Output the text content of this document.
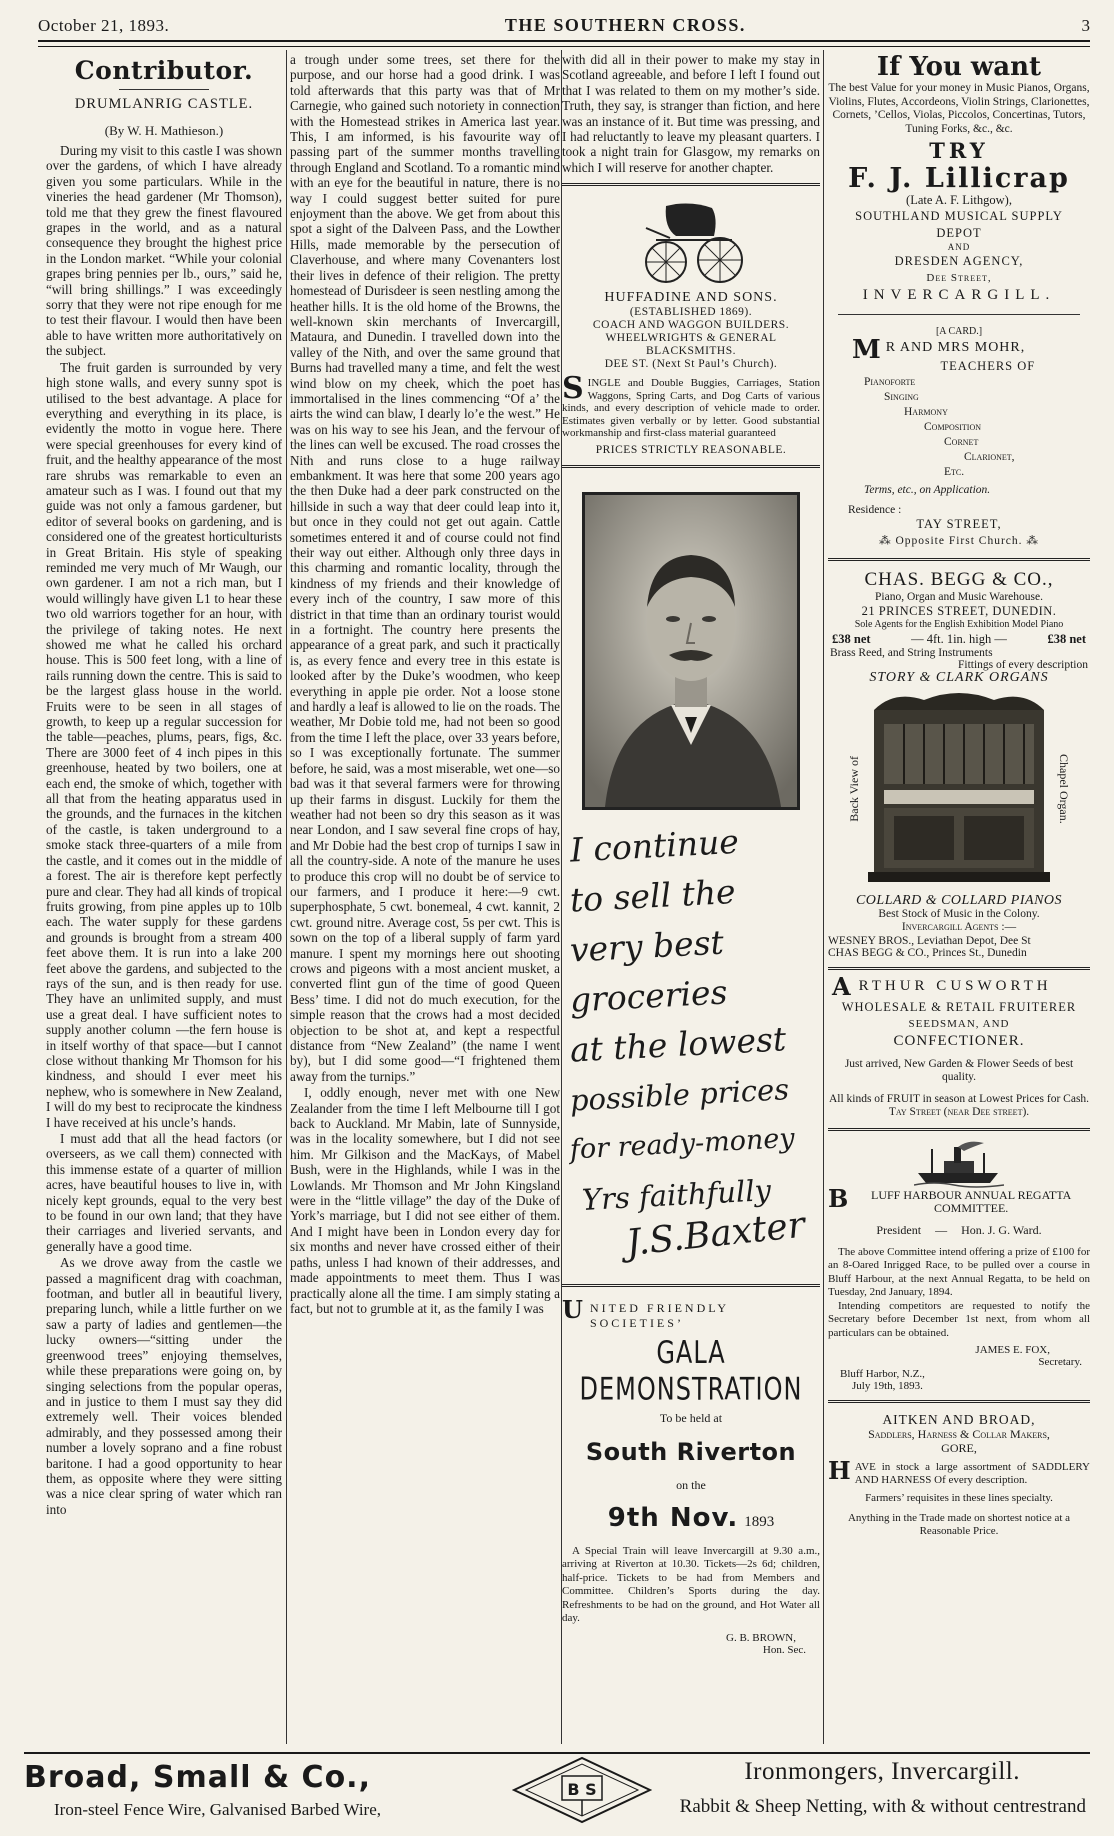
October 21, 1893.	THE SOUTHERN CROSS.	3
Contributor.
DRUMLANRIG CASTLE.
(By W. H. Mathieson.)

During my visit to this castle I was shown over the gardens, of which I have already given you some particulars. While in the vineries the head gardener (Mr Thomson), told me that they grew the finest flavoured grapes in the world, and as a natural consequence they brought the highest price in the London market. “While your colonial grapes bring pennies per lb., ours,” said he, “will bring shillings.” I was exceedingly sorry that they were not ripe enough for me to test their flavour. I would then have been able to have written more authoritatively on the subject.

The fruit garden is surrounded by very high stone walls, and every sunny spot is utilised to the best advantage. A place for everything and everything in its place, is evidently the motto in vogue here. There were special greenhouses for every kind of fruit, and the healthy appearance of the most rare shrubs was remarkable to even an amateur such as I was. I found out that my guide was not only a famous gardener, but editor of several books on gardening, and is considered one of the greatest horticulturists in Great Britain. His style of speaking reminded me very much of Mr Waugh, our own gardener. I am not a rich man, but I would willingly have given L1 to hear these two old warriors together for an hour, with the privilege of taking notes. He next showed me what he called his orchard house. This is 500 feet long, with a line of rails running down the centre. This is said to be the largest glass house in the world. Fruits were to be seen in all stages of growth, to keep up a regular succession for the table—peaches, plums, pears, figs, &c. There are 3000 feet of 4 inch pipes in this greenhouse, heated by two boilers, one at each end, the smoke of which, together with all that from the heating apparatus used in the grounds, and the furnaces in the kitchen of the castle, is taken underground to a smoke stack three-quarters of a mile from the castle, and it comes out in the middle of a forest. The air is therefore kept perfectly pure and clear. They had all kinds of tropical fruits growing, from pine apples up to 10lb each. The water supply for these gardens and grounds is brought from a stream 400 feet above them. It is run into a lake 200 feet above the gardens, and subjected to the rays of the sun, and is then ready for use. They have an unlimited supply, and must use a great deal. I have sufficient notes to supply another column —the fern house is in itself worthy of that space—but I cannot close without thanking Mr Thomson for his kindness, and should I ever meet his nephew, who is somewhere in New Zealand, I will do my best to reciprocate the kindness I have received at his uncle’s hands.

I must add that all the head factors (or overseers, as we call them) connected with this immense estate of a quarter of million acres, have beautiful houses to live in, with nicely kept grounds, equal to the very best to be found in our own land; that they have their carriages and liveried servants, and generally have a good time.

As we drove away from the castle we passed a magnificent drag with coachman, footman, and butler all in beautiful livery, preparing lunch, while a little further on we saw a party of ladies and gentlemen—the lucky owners—“sitting under the greenwood trees” enjoying themselves, while these preparations were going on, by singing selections from the popular operas, and in justice to them I must say they did extremely well. Their voices blended admirably, and they possessed among their number a lovely soprano and a fine robust baritone. I had a good opportunity to hear them, as opposite where they were sitting was a nice clear spring of water which ran into

a trough under some trees, set there for the purpose, and our horse had a good drink. I was told afterwards that this party was that of Mr Carnegie, who gained such notoriety in connection with the Homestead strikes in America last year. This, I am informed, is his favourite way of passing part of the summer months travelling through England and Scotland. To a romantic mind with an eye for the beautiful in nature, there is no way I could suggest better suited for pure enjoyment than the above. We get from about this spot a sight of the Dalveen Pass, and the Lowther Hills, made memorable by the persecution of Claverhouse, and where many Covenanters lost their lives in defence of their religion. The pretty homestead of Durisdeer is seen nestling among the heather hills. It is the old home of the Browns, the well-known skin merchants of Invercargill, Mataura, and Dunedin. I travelled down into the valley of the Nith, and over the same ground that Burns had travelled many a time, and felt the west wind blow on my cheek, which the poet has immortalised in the lines commencing “Of a’ the airts the wind can blaw, I dearly lo’e the west.” He was on his way to see his Jean, and the fervour of the lines can well be excused. The road crosses the Nith and runs close to a huge railway embankment. It was here that some 200 years ago the then Duke had a deer park constructed on the hillside in such a way that deer could leap into it, but once in they could not get out again. Cattle sometimes entered it and of course could not find their way out either. Although only three days in this charming and romantic locality, through the kindness of my friends and their knowledge of every inch of the country, I saw more of this district in that time than an ordinary tourist would in a fortnight. The country here presents the appearance of a great park, and such it practically is, as every fence and every tree in this estate is looked after by the Duke’s woodmen, who keep everything in apple pie order. Not a loose stone and hardly a leaf is allowed to lie on the roads. The weather, Mr Dobie told me, had not been so good from the time I left the place, over 33 years before, so I was exceptionally fortunate. The summer before, he said, was a most miserable, wet one—so bad was it that several farmers were for throwing up their farms in disgust. Luckily for them the weather had not been so dry this season as it was near London, and I saw several fine crops of hay, and Mr Dobie had the best crop of turnips I saw in all the country-side. A note of the manure he uses to produce this crop will no doubt be of service to our farmers, and I produce it here:—9 cwt. superphosphate, 5 cwt. bonemeal, 4 cwt. kannit, 2 cwt. ground nitre. Average cost, 5s per cwt. This is sown on the top of a liberal supply of farm yard manure. I spent my mornings here out shooting crows and pigeons with a most ancient musket, a converted flint gun of the time of good Queen Bess’ time. I did not do much execution, for the simple reason that the crows had a most decided objection to be shot at, and kept a respectful distance from “New Zealand” (the name I went by), but I did some good—“I frightened them away from the turnips.”

I, oddly enough, never met with one New Zealander from the time I left Melbourne till I got back to Auckland. Mr Mabin, late of Sunnyside, was in the locality somewhere, but I did not see him. Mr Gilkison and the MacKays, of Mabel Bush, were in the Highlands, while I was in the Lowlands. Mr Thomson and Mr John Kingsland were in the “little village” the day of the Duke of York’s marriage, but I did not see either of them. And I might have been in London every day for six months and never have crossed either of their paths, unless I had known of their addresses, and made appointments to meet them. Thus I was practically alone all the time. I am simply stating a fact, but not to grumble at it, as the family I was

with did all in their power to make my stay in Scotland agreeable, and before I left I found out that I was related to them on my mother’s side. Truth, they say, is stranger than fiction, and here was an instance of it. But time was pressing, and I had reluctantly to leave my pleasant quarters. I took a night train for Glasgow, my remarks on which I will reserve for another chapter.

HUFFADINE AND SONS.
(ESTABLISHED 1869).
COACH AND WAGGON BUILDERS.
WHEELWRIGHTS & GENERAL
BLACKSMITHS.
DEE ST. (Next St Paul’s Church).
SINGLE and Double Buggies, Carriages, Station Waggons, Spring Carts, and Dog Carts of various kinds, and every description of vehicle made to order. Estimates given verbally or by letter. Good substantial workmanship and first-class material guaranteed
PRICES STRICTLY REASONABLE.
I continue
to sell the
very best
groceries
at the lowest
possible prices
for ready-money
Yrs faithfully
J.S.Baxter
UNITED FRIENDLY SOCIETIES’
GALA DEMONSTRATION
To be held at
South Riverton
on the
9th Nov. 1893
A Special Train will leave Invercargill at 9.30 a.m., arriving at Riverton at 10.30. Tickets—2s 6d; children, half-price. Tickets to be had from Members and Committee. Children’s Sports during the day. Refreshments to be had on the ground, and Hot Water all day.
G. B. BROWN,
Hon. Sec.
If You want
The best Value for your money in Music Pianos, Organs, Violins, Flutes, Accordeons, Violin Strings, Clarionettes, Cornets, ’Cellos, Violas, Piccolos, Concertinas, Tutors, Tuning Forks, &c., &c.
TRY
F. J. Lillicrap
(Late A. F. Lithgow),
SOUTHLAND MUSICAL SUPPLY
DEPOT
AND
DRESDEN AGENCY,
Dee Street,
INVERCARGILL.
[A CARD.]
M R AND MRS MOHR,
TEACHERS OF
Pianoforte
Singing
Harmony
Composition
Cornet
Clarionet,
Etc.
Terms, etc., on Application.
Residence :
TAY STREET,
⁂ Opposite First Church. ⁂
CHAS. BEGG & CO.,
Piano, Organ and Music Warehouse.
21 PRINCES STREET, DUNEDIN.
Sole Agents for the English Exhibition Model Piano
£38 net	— 4ft. 1in. high —	£38 net
Brass Reed, and String Instruments
Fittings of every description
STORY & CLARK ORGANS
Back View of	Chapel Organ.
COLLARD & COLLARD PIANOS
Best Stock of Music in the Colony.
Invercargill Agents :—
WESNEY BROS., Leviathan Depot, Dee St
CHAS BEGG & CO., Princes St., Dunedin
ARTHUR CUSWORTH
WHOLESALE & RETAIL FRUITERER
SEEDSMAN, AND
CONFECTIONER.
Just arrived, New Garden & Flower Seeds of best quality.
All kinds of FRUIT in season at Lowest Prices for Cash.
Tay Street (near Dee street).
B LUFF HARBOUR ANNUAL REGATTA COMMITTEE.
President — Hon. J. G. Ward.
The above Committee intend offering a prize of £100 for an 8-Oared Inrigged Race, to be pulled over a course in Bluff Harbour, at the next Annual Regatta, to be held on Tuesday, 2nd January, 1894.
Intending competitors are requested to notify the Secretary before December 1st next, from whom all particulars can be obtained.
JAMES E. FOX,
Secretary.
Bluff Harbor, N.Z.,
July 19th, 1893.
AITKEN AND BROAD,
Saddlers, Harness & Collar Makers,
GORE,
HAVE in stock a large assortment of SADDLERY AND HARNESS Of every description.
Farmers’ requisites in these lines specialty.
Anything in the Trade made on shortest notice at a Reasonable Price.
Broad, Small & Co.,
Iron-steel Fence Wire, Galvanised Barbed Wire,
B S
Ironmongers, Invercargill.
Rabbit & Sheep Netting, with & without centrestrand
